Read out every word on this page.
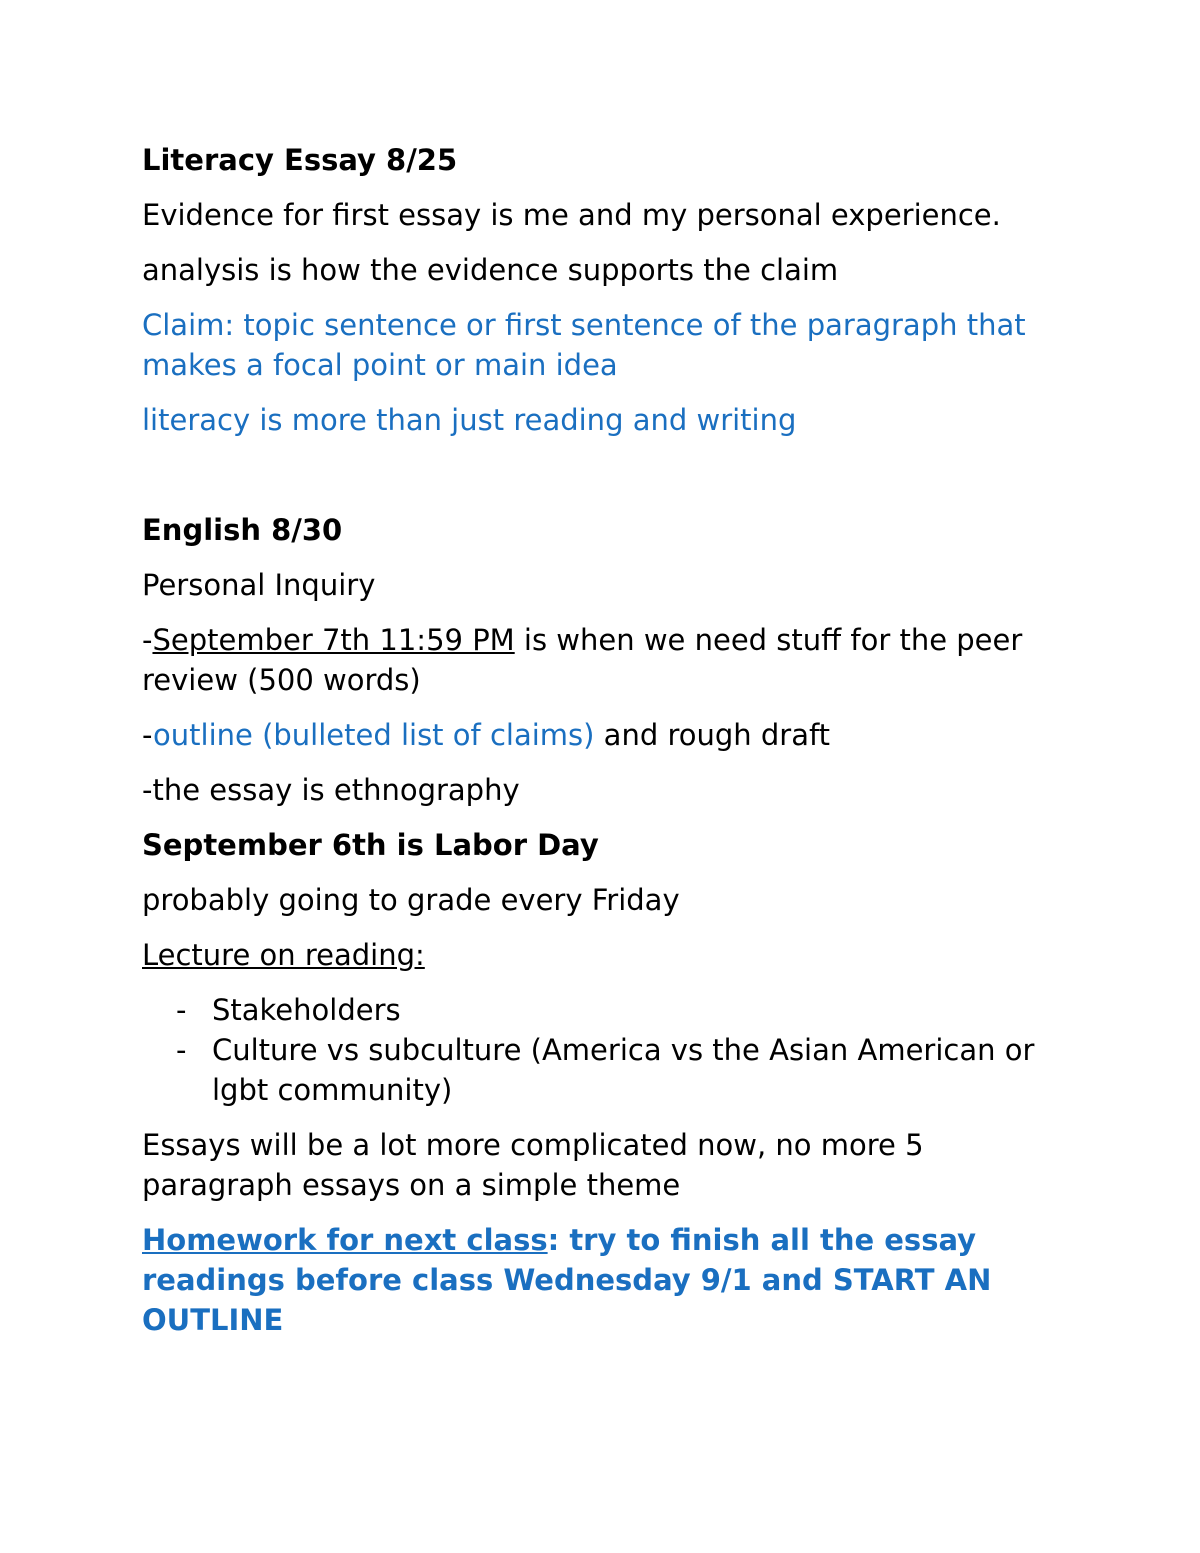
Literacy Essay 8/25

Evidence for first essay is me and my personal experience.

analysis is how the evidence supports the claim

Claim: topic sentence or first sentence of the paragraph that makes a focal point or main idea

literacy is more than just reading and writing

English 8/30

Personal Inquiry

-September 7th 11:59 PM is when we need stuff for the peer review (500 words)

-outline (bulleted list of claims) and rough draft

-the essay is ethnography

September 6th is Labor Day

probably going to grade every Friday

Lecture on reading:

- Stakeholders
- Culture vs subculture (America vs the Asian American or lgbt community)

Essays will be a lot more complicated now, no more 5 paragraph essays on a simple theme

Homework for next class: try to finish all the essay readings before class Wednesday 9/1 and START AN OUTLINE
